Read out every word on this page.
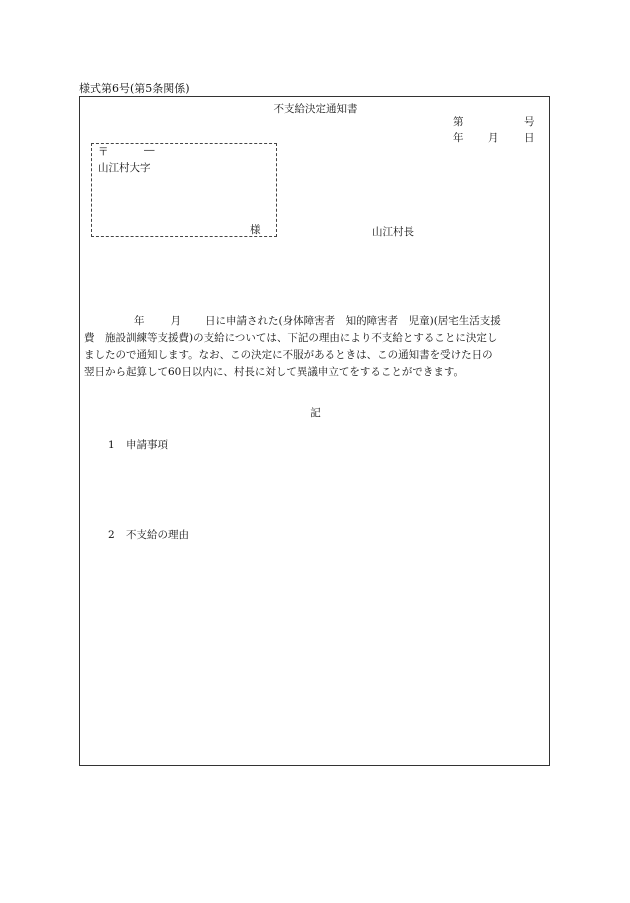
様式第6号(第5条関係)
不支給決定通知書
第	号
年 月 日
〒	―
山江村大字
様	山江村長
年 月 日に申請された(身体障害者　知的障害者　児童)(居宅生活支援
費　施設訓練等支援費)の支給については、下記の理由により不支給とすることに決定し
ましたので通知します。なお、この決定に不服があるときは、この通知書を受けた日の
翌日から起算して60日以内に、村長に対して異議申立てをすることができます。
記
1 申請事項
2 不支給の理由
